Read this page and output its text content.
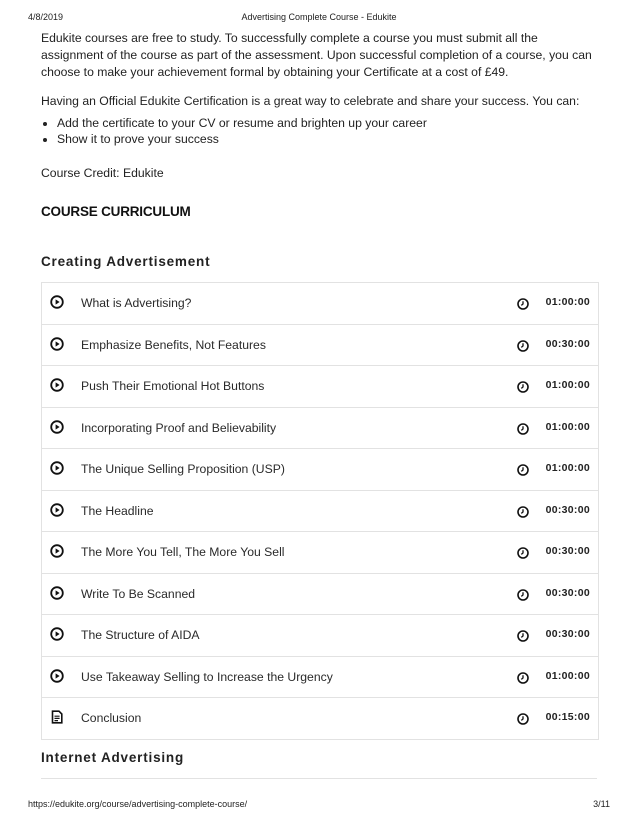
4/8/2019	Advertising Complete Course - Edukite

Edukite courses are free to study. To successfully complete a course you must submit all the assignment of the course as part of the assessment. Upon successful completion of a course, you can choose to make your achievement formal by obtaining your Certificate at a cost of £49.

Having an Official Edukite Certification is a great way to celebrate and share your success. You can:

• Add the certificate to your CV or resume and brighten up your career
• Show it to prove your success
Course Credit: Edukite
COURSE CURRICULUM
Creating Advertisement
Internet Advertising
What is Advertising?	01:00:00
Emphasize Benefits, Not Features	00:30:00
Push Their Emotional Hot Buttons	01:00:00
Incorporating Proof and Believability	01:00:00
The Unique Selling Proposition (USP)	01:00:00
The Headline	00:30:00
The More You Tell, The More You Sell	00:30:00
Write To Be Scanned	00:30:00
The Structure of AIDA	00:30:00
Use Takeaway Selling to Increase the Urgency	01:00:00
Conclusion	00:15:00
https://edukite.org/course/advertising-complete-course/	3/11
